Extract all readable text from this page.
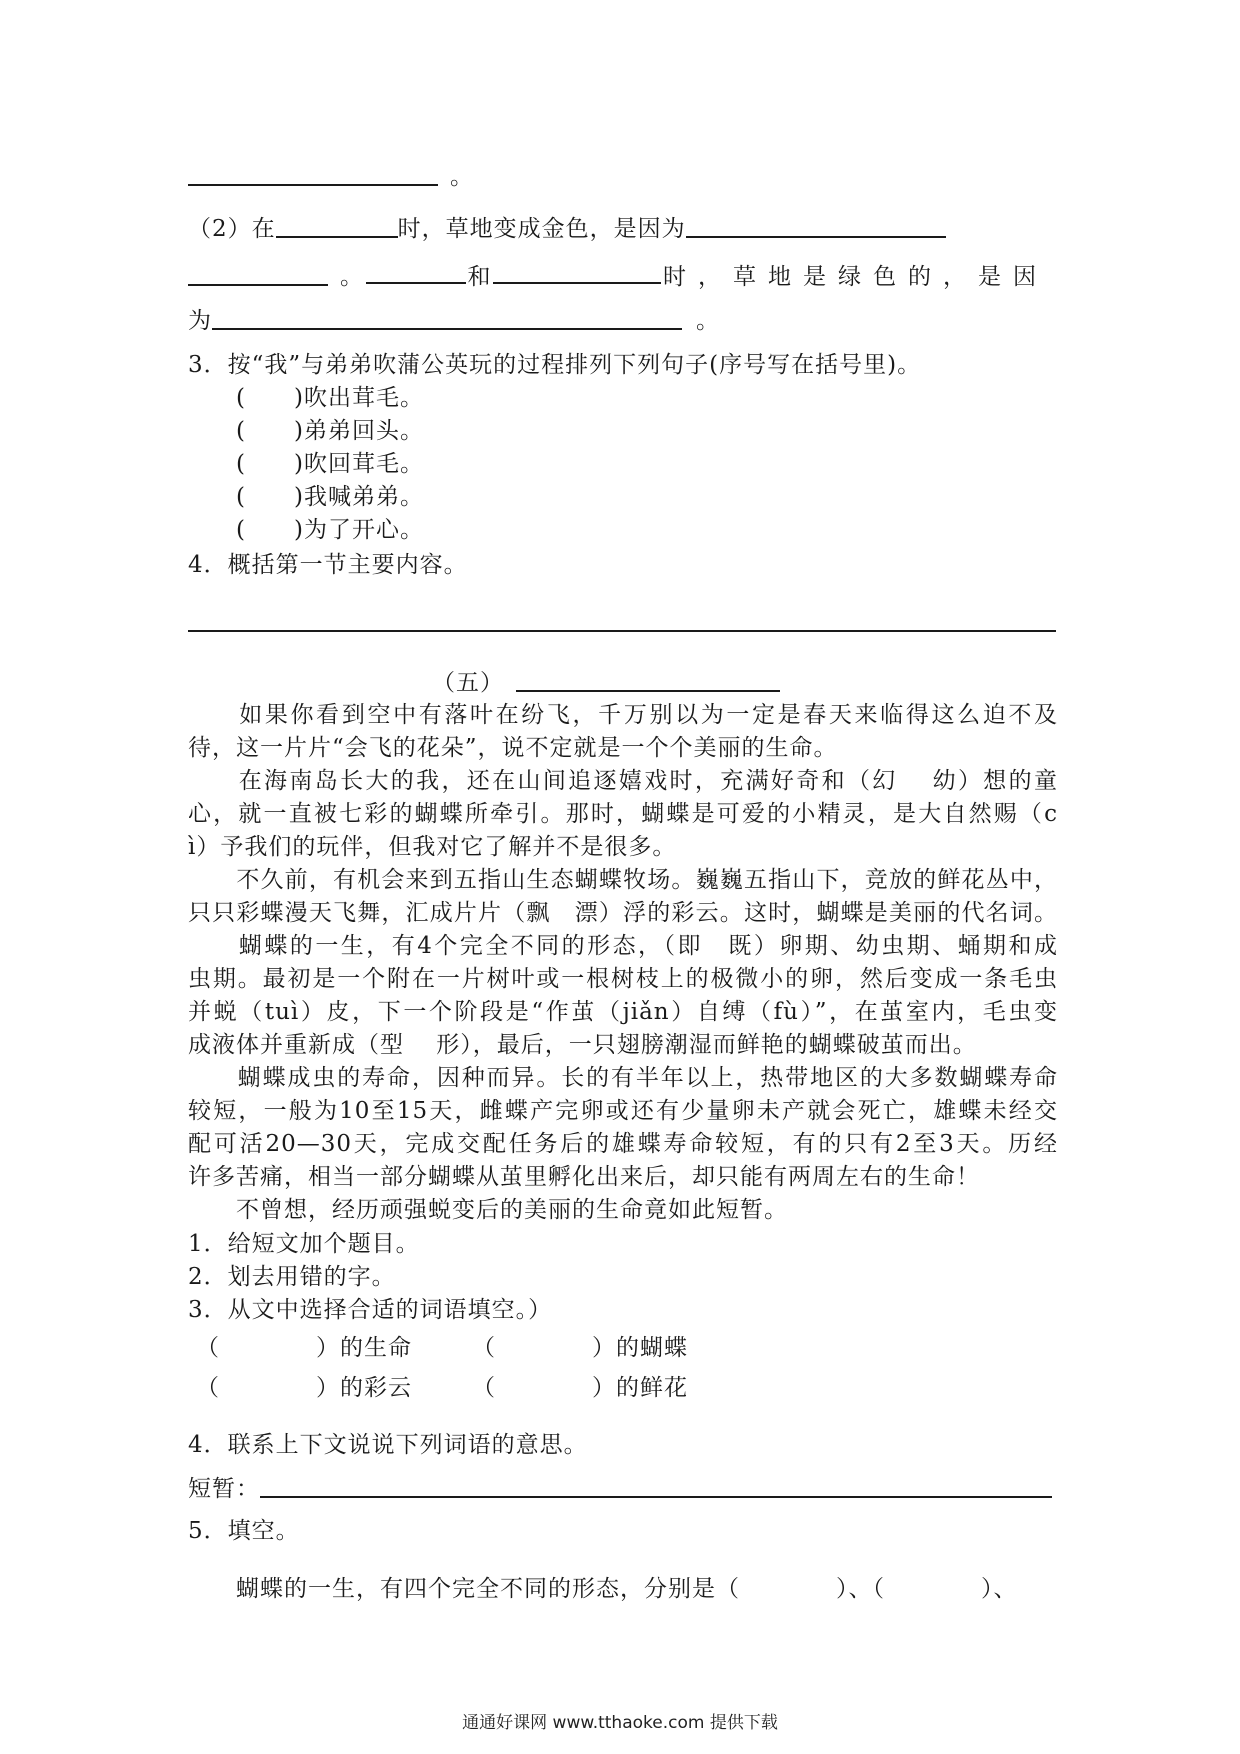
。
（2）在	时，草地变成金色，是因为
。	和	时，草地是绿色的，是因
为	。
3．按“我”与弟弟吹蒲公英玩的过程排列下列句子(序号写在括号里)。
(　　)吹出茸毛。
(　　)弟弟回头。
(　　)吹回茸毛。
(　　)我喊弟弟。
(　　)为了开心。
4．概括第一节主要内容。
（五）
　　如果你看到空中有落叶在纷飞，千万别以为一定是春天来临得这么迫不及
待，这一片片“会飞的花朵”，说不定就是一个个美丽的生命。
　　在海南岛长大的我，还在山间追逐嬉戏时，充满好奇和（幻　 幼）想的童
心，就一直被七彩的蝴蝶所牵引。那时，蝴蝶是可爱的小精灵，是大自然赐（c
ì）予我们的玩伴，但我对它了解并不是很多。
　　不久前，有机会来到五指山生态蝴蝶牧场。巍巍五指山下，竞放的鲜花丛中，
只只彩蝶漫天飞舞，汇成片片（飘　漂）浮的彩云。这时，蝴蝶是美丽的代名词。
　　蝴蝶的一生，有4个完全不同的形态，（即　既）卵期、幼虫期、蛹期和成
虫期。最初是一个附在一片树叶或一根树枝上的极微小的卵，然后变成一条毛虫
并蜕（tuì）皮，下一个阶段是“作茧（jiǎn）自缚（fù）”，在茧室内，毛虫变
成液体并重新成（型　 形），最后，一只翅膀潮湿而鲜艳的蝴蝶破茧而出。
　　蝴蝶成虫的寿命，因种而异。长的有半年以上，热带地区的大多数蝴蝶寿命
较短，一般为10至15天，雌蝶产完卵或还有少量卵未产就会死亡，雄蝶未经交
配可活20—30天，完成交配任务后的雄蝶寿命较短，有的只有2至3天。历经
许多苦痛，相当一部分蝴蝶从茧里孵化出来后，却只能有两周左右的生命！
　　不曾想，经历顽强蜕变后的美丽的生命竟如此短暂。
1．给短文加个题目。
2．划去用错的字。
3．从文中选择合适的词语填空。）
（　　　　）的生命	（　　　　）的蝴蝶
（　　　　）的彩云	（　　　　）的鲜花
4．联系上下文说说下列词语的意思。
短暂：
5．填空。
　　蝴蝶的一生，有四个完全不同的形态，分别是（　　　　）、（　　　　）、
通通好课网 www.tthaoke.com 提供下载
